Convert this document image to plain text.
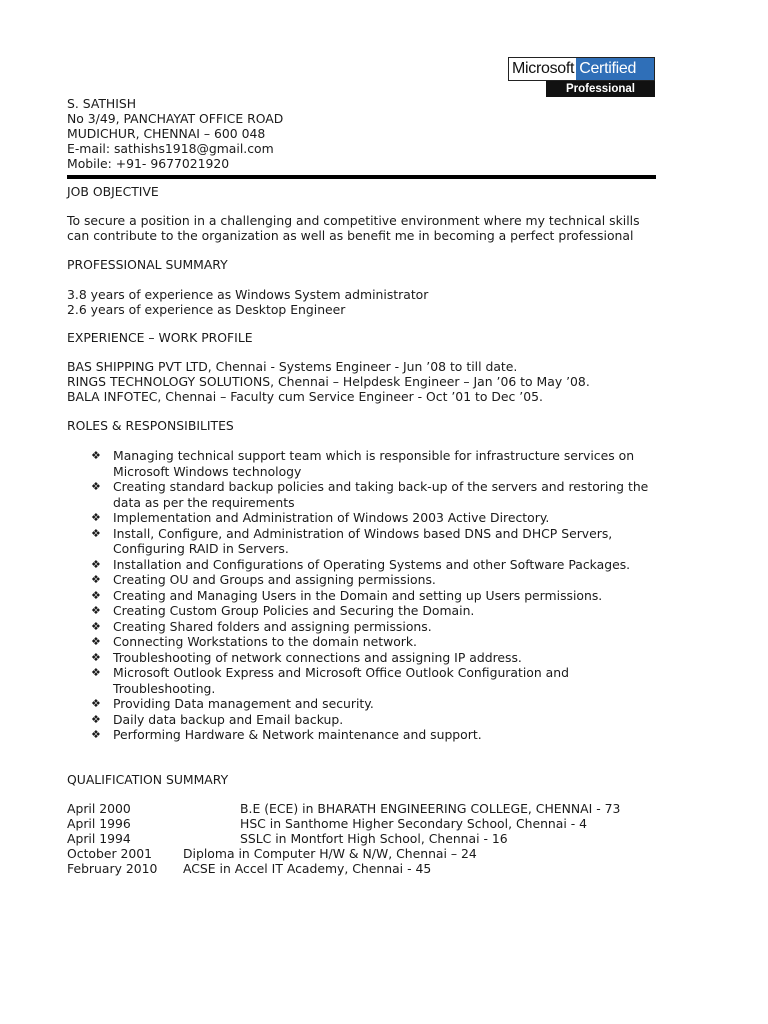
Microsoft Certified
Professional
S. SATHISH
No 3/49, PANCHAYAT OFFICE ROAD
MUDICHUR, CHENNAI – 600 048
E-mail: sathishs1918@gmail.com
Mobile: +91- 9677021920
JOB OBJECTIVE
To secure a position in a challenging and competitive environment where my technical skills
can contribute to the organization as well as benefit me in becoming a perfect professional
PROFESSIONAL SUMMARY
3.8 years of experience as Windows System administrator
2.6 years of experience as Desktop Engineer
EXPERIENCE – WORK PROFILE
BAS SHIPPING PVT LTD, Chennai - Systems Engineer - Jun ’08 to till date.
RINGS TECHNOLOGY SOLUTIONS, Chennai – Helpdesk Engineer – Jan ’06 to May ’08.
BALA INFOTEC, Chennai – Faculty cum Service Engineer - Oct ’01 to Dec ’05.
ROLES & RESPONSIBILITES
❖ Managing technical support team which is responsible for infrastructure services on
Microsoft Windows technology
❖ Creating standard backup policies and taking back-up of the servers and restoring the
data as per the requirements
❖ Implementation and Administration of Windows 2003 Active Directory.
❖ Install, Configure, and Administration of Windows based DNS and DHCP Servers,
Configuring RAID in Servers.
❖ Installation and Configurations of Operating Systems and other Software Packages.
❖ Creating OU and Groups and assigning permissions.
❖ Creating and Managing Users in the Domain and setting up Users permissions.
❖ Creating Custom Group Policies and Securing the Domain.
❖ Creating Shared folders and assigning permissions.
❖ Connecting Workstations to the domain network.
❖ Troubleshooting of network connections and assigning IP address.
❖ Microsoft Outlook Express and Microsoft Office Outlook Configuration and
Troubleshooting.
❖ Providing Data management and security.
❖ Daily data backup and Email backup.
❖ Performing Hardware & Network maintenance and support.
QUALIFICATION SUMMARY
April 2000	B.E (ECE) in BHARATH ENGINEERING COLLEGE, CHENNAI - 73
April 1996	HSC in Santhome Higher Secondary School, Chennai - 4
April 1994	SSLC in Montfort High School, Chennai - 16
October 2001 Diploma in Computer H/W & N/W, Chennai – 24
February 2010 ACSE in Accel IT Academy, Chennai - 45
